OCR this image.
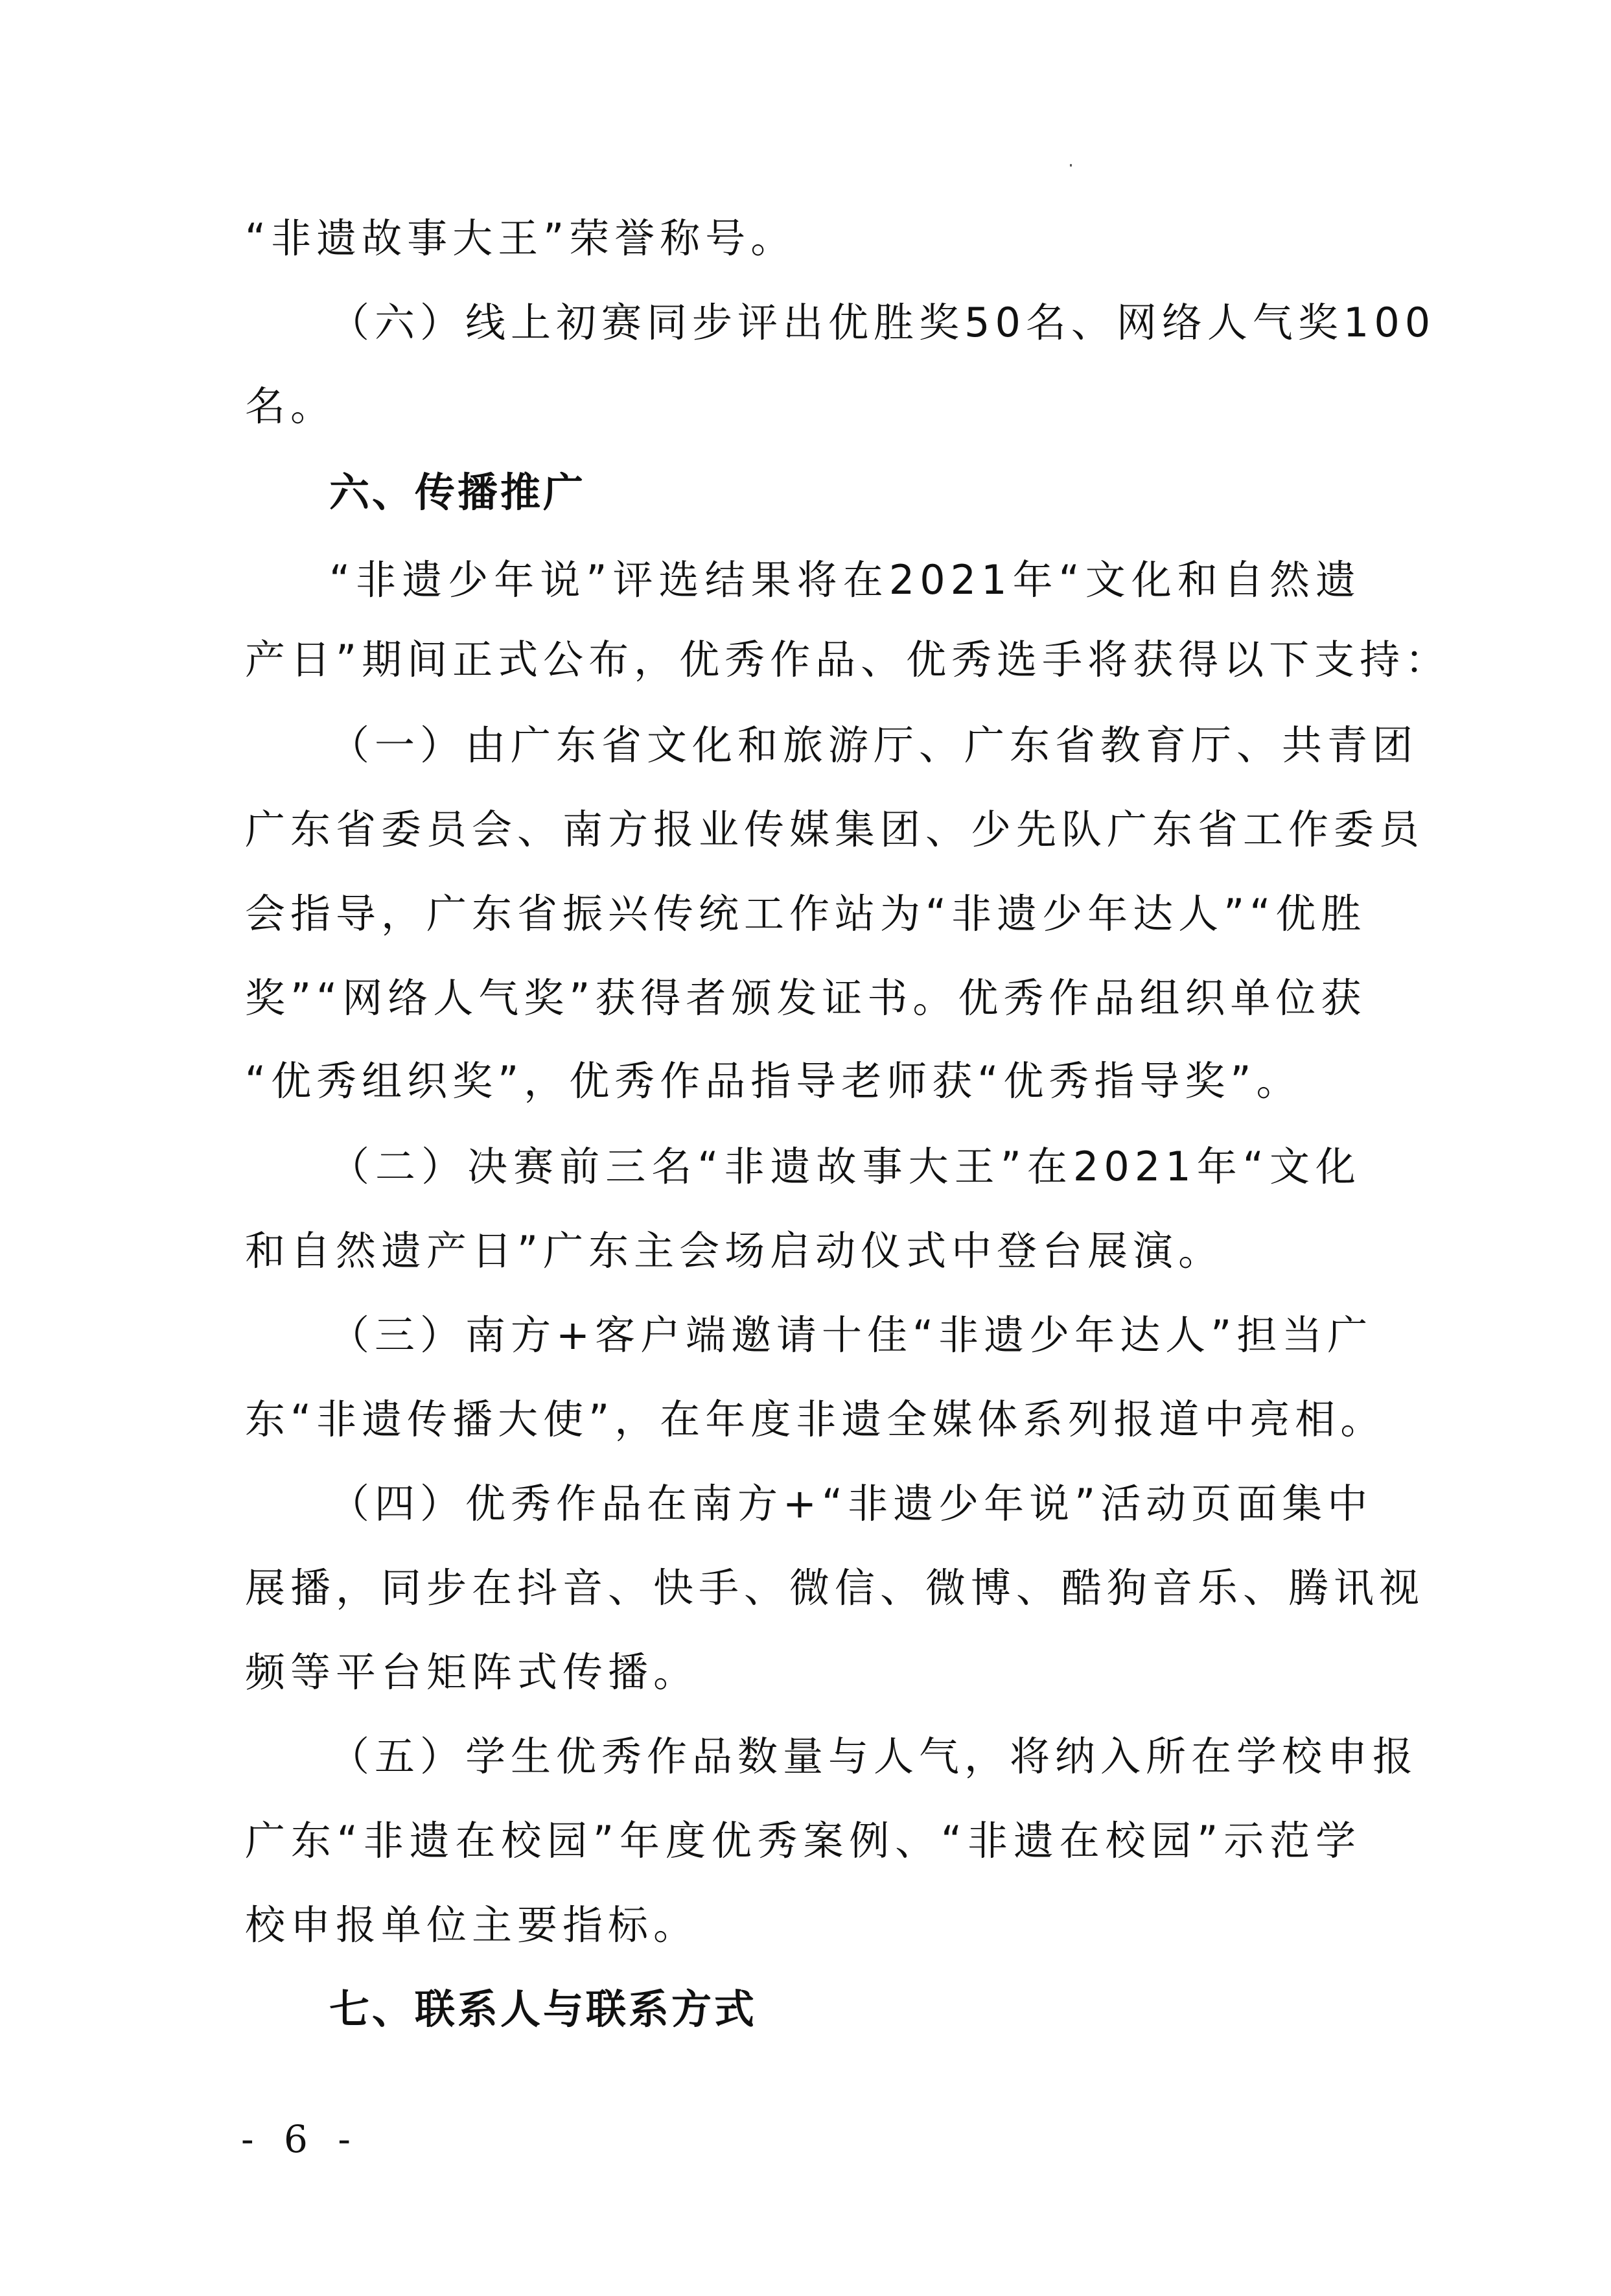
“非遗故事大王”荣誉称号。
（六）线上初赛同步评出优胜奖50名、网络人气奖100
名。
六、传播推广
“非遗少年说”评选结果将在2021年“文化和自然遗
产日”期间正式公布，优秀作品、优秀选手将获得以下支持：
（一）由广东省文化和旅游厅、广东省教育厅、共青团
广东省委员会、南方报业传媒集团、少先队广东省工作委员
会指导，广东省振兴传统工作站为“非遗少年达人”“优胜
奖”“网络人气奖”获得者颁发证书。优秀作品组织单位获
“优秀组织奖”，优秀作品指导老师获“优秀指导奖”。
（二）决赛前三名“非遗故事大王”在2021年“文化
和自然遗产日”广东主会场启动仪式中登台展演。
（三）南方+客户端邀请十佳“非遗少年达人”担当广
东“非遗传播大使”，在年度非遗全媒体系列报道中亮相。
（四）优秀作品在南方+“非遗少年说”活动页面集中
展播，同步在抖音、快手、微信、微博、酷狗音乐、腾讯视
频等平台矩阵式传播。
（五）学生优秀作品数量与人气，将纳入所在学校申报
广东“非遗在校园”年度优秀案例、“非遗在校园”示范学
校申报单位主要指标。
七、联系人与联系方式
- 6 -
